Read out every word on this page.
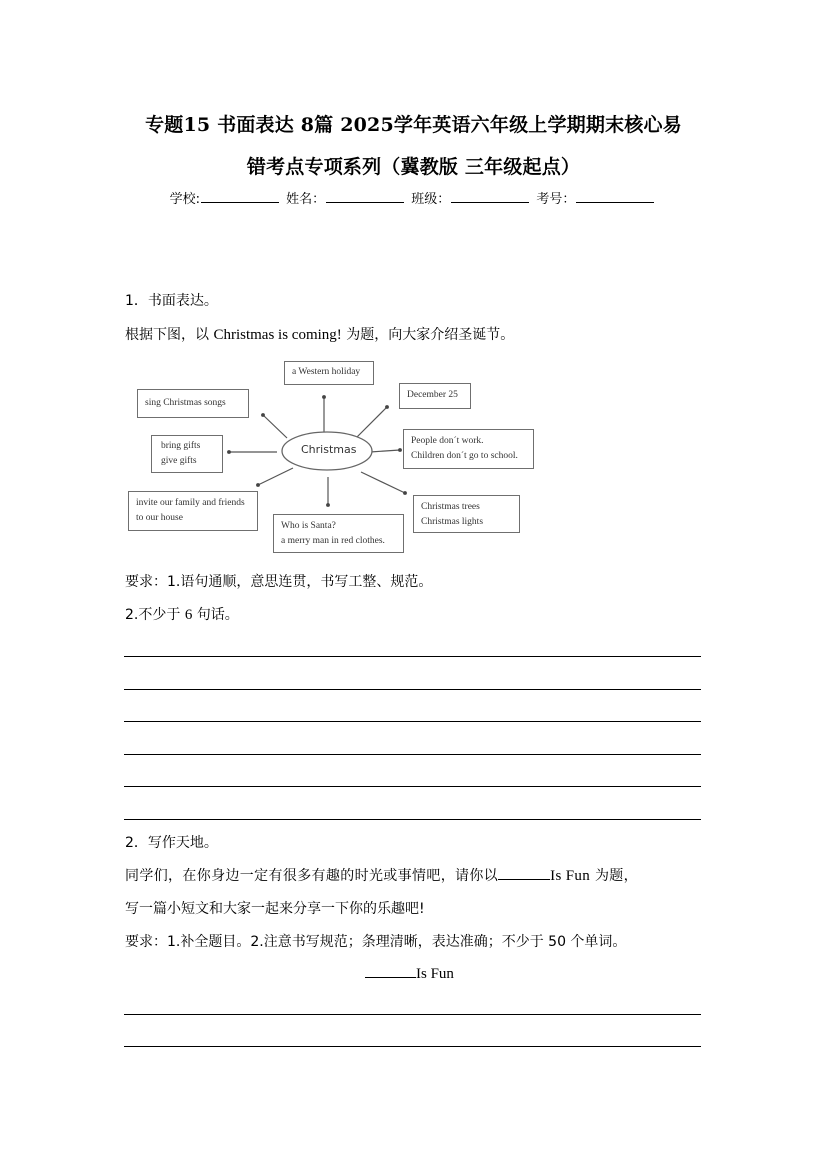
专题15 书面表达 8篇 2025学年英语六年级上学期期末核心易
错考点专项系列（冀教版 三年级起点）
学校:	姓名：	班级：	考号：
1．书面表达。
根据下图，以 Christmas is coming! 为题，向大家介绍圣诞节。
Christmas
a Western holiday
sing Christmas songs
December 25
bring gifts
give gifts
People don´t work.
Children don´t go to school.
invite our family and friends
to our house
Who is Santa?
a merry man in red clothes.
Christmas trees
Christmas lights
要求：1.语句通顺，意思连贯，书写工整、规范。
2.不少于 6 句话。
2．写作天地。
同学们，在你身边一定有很多有趣的时光或事情吧，请你以	Is Fun 为题，
写一篇小短文和大家一起来分享一下你的乐趣吧!
要求：1.补全题目。2.注意书写规范；条理清晰，表达准确；不少于 50 个单词。
Is Fun
